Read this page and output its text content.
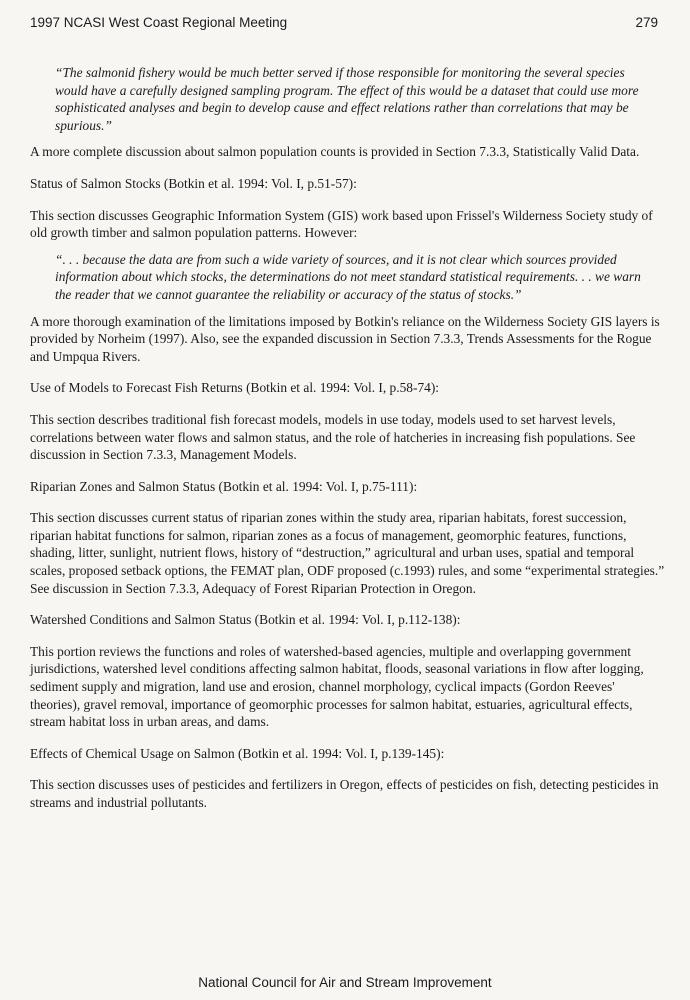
1997 NCASI West Coast Regional Meeting	279

“The salmonid fishery would be much better served if those responsible for monitoring the several species would have a carefully designed sampling program. The effect of this would be a dataset that could use more sophisticated analyses and begin to develop cause and effect relations rather than correlations that may be spurious.”

A more complete discussion about salmon population counts is provided in Section 7.3.3, Statistically Valid Data.

Status of Salmon Stocks (Botkin et al. 1994: Vol. I, p.51-57):

This section discusses Geographic Information System (GIS) work based upon Frissel's Wilderness Society study of old growth timber and salmon population patterns. However:

“. . . because the data are from such a wide variety of sources, and it is not clear which sources provided information about which stocks, the determinations do not meet standard statistical requirements. . . we warn the reader that we cannot guarantee the reliability or accuracy of the status of stocks.”

A more thorough examination of the limitations imposed by Botkin's reliance on the Wilderness Society GIS layers is provided by Norheim (1997). Also, see the expanded discussion in Section 7.3.3, Trends Assessments for the Rogue and Umpqua Rivers.

Use of Models to Forecast Fish Returns (Botkin et al. 1994: Vol. I, p.58-74):

This section describes traditional fish forecast models, models in use today, models used to set harvest levels, correlations between water flows and salmon status, and the role of hatcheries in increasing fish populations. See discussion in Section 7.3.3, Management Models.

Riparian Zones and Salmon Status (Botkin et al. 1994: Vol. I, p.75-111):

This section discusses current status of riparian zones within the study area, riparian habitats, forest succession, riparian habitat functions for salmon, riparian zones as a focus of management, geomorphic features, functions, shading, litter, sunlight, nutrient flows, history of “destruction,” agricultural and urban uses, spatial and temporal scales, proposed setback options, the FEMAT plan, ODF proposed (c.1993) rules, and some “experimental strategies.” See discussion in Section 7.3.3, Adequacy of Forest Riparian Protection in Oregon.

Watershed Conditions and Salmon Status (Botkin et al. 1994: Vol. I, p.112-138):

This portion reviews the functions and roles of watershed-based agencies, multiple and overlapping government jurisdictions, watershed level conditions affecting salmon habitat, floods, seasonal variations in flow after logging, sediment supply and migration, land use and erosion, channel morphology, cyclical impacts (Gordon Reeves' theories), gravel removal, importance of geomorphic processes for salmon habitat, estuaries, agricultural effects, stream habitat loss in urban areas, and dams.

Effects of Chemical Usage on Salmon (Botkin et al. 1994: Vol. I, p.139-145):

This section discusses uses of pesticides and fertilizers in Oregon, effects of pesticides on fish, detecting pesticides in streams and industrial pollutants.

National Council for Air and Stream Improvement
